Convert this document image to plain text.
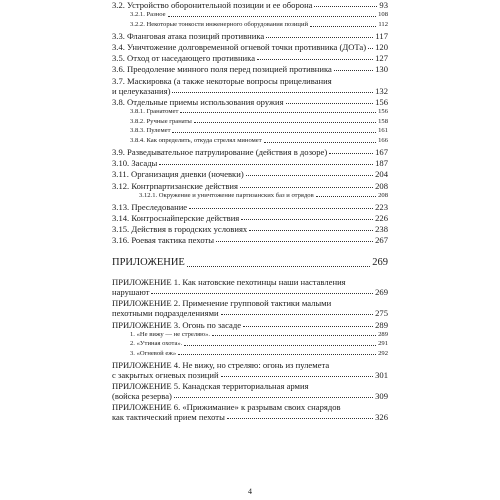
3.2. Устройство оборонительной позиции и ее оборона	93
3.2.1. Разное	108
3.2.2. Некоторые тонкости инженерного оборудования позиций	112
3.3. Фланговая атака позиций противника	117
3.4. Уничтожение долговременной огневой точки противника (ДОТа) 120
3.5. Отход от наседающего противника	127
3.6. Преодоление минного поля перед позицией противника	130
3.7. Маскировка (а также некоторые вопросы прицеливания
и целеуказания)	132
3.8. Отдельные приемы использования оружия	156
3.8.1. Гранатомет	156
3.8.2. Ручные гранаты	158
3.8.3. Пулемет	161
3.8.4. Как определить, откуда стрелял миномет	166
3.9. Разведывательное патрулирование (действия в дозоре)	167
3.10. Засады	187
3.11. Организация дневки (ночевки)	204
3.12. Контрпартизанские действия	208
3.12.1. Окружение и уничтожение партизанских баз и отрядов	208
3.13. Преследование	223
3.14. Контроснайперские действия	226
3.15. Действия в городских условиях	238
3.16. Роевая тактика пехоты	267
ПРИЛОЖЕНИЕ	269
ПРИЛОЖЕНИЕ 1. Как натовские пехотинцы наши наставления
нарушают	269
ПРИЛОЖЕНИЕ 2. Применение групповой тактики малыми
пехотными подразделениями	275
ПРИЛОЖЕНИЕ 3. Огонь по засаде	289
1. «Не вижу — не стреляю».	289
2. «Утиная охота».	291
3. «Огневой еж»	292
ПРИЛОЖЕНИЕ 4. Не вижу, но стреляю: огонь из пулемета
с закрытых огневых позиций	301
ПРИЛОЖЕНИЕ 5. Канадская территориальная армия
(войска резерва)	309
ПРИЛОЖЕНИЕ 6. «Прижимание» к разрывам своих снарядов
как тактический прием пехоты	326
4
